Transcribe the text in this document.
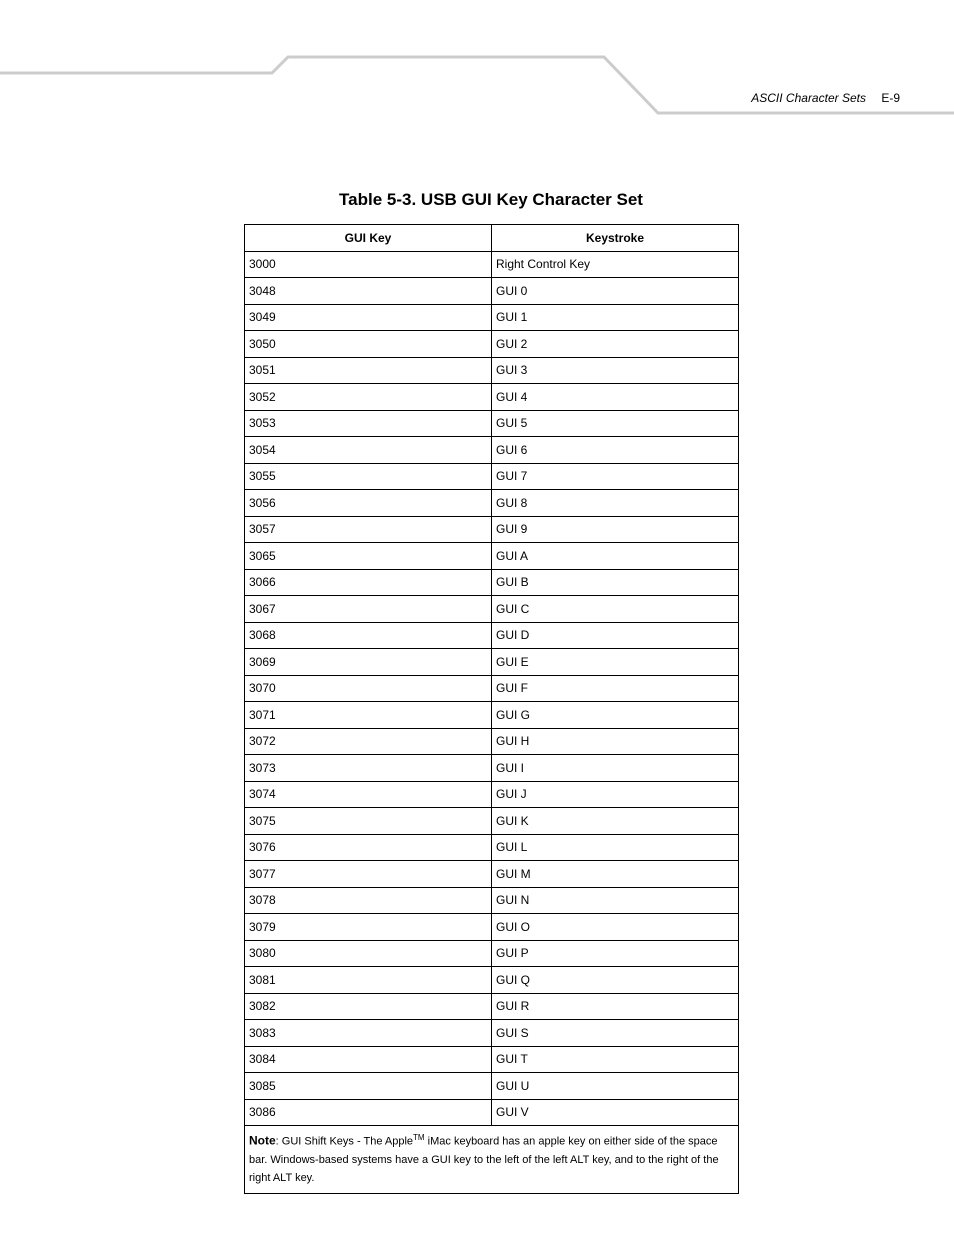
ASCII Character Sets E-9
Table 5-3. USB GUI Key Character Set
GUI Key	Keystroke
3000	Right Control Key
3048	GUI 0
3049	GUI 1
3050	GUI 2
3051	GUI 3
3052	GUI 4
3053	GUI 5
3054	GUI 6
3055	GUI 7
3056	GUI 8
3057	GUI 9
3065	GUI A
3066	GUI B
3067	GUI C
3068	GUI D
3069	GUI E
3070	GUI F
3071	GUI G
3072	GUI H
3073	GUI I
3074	GUI J
3075	GUI K
3076	GUI L
3077	GUI M
3078	GUI N
3079	GUI O
3080	GUI P
3081	GUI Q
3082	GUI R
3083	GUI S
3084	GUI T
3085	GUI U
3086	GUI V
Note: GUI Shift Keys - The Apple™ iMac keyboard has an apple key on either side of the space bar. Windows-based systems have a GUI key to the left of the left ALT key, and to the right of the right ALT key.	
